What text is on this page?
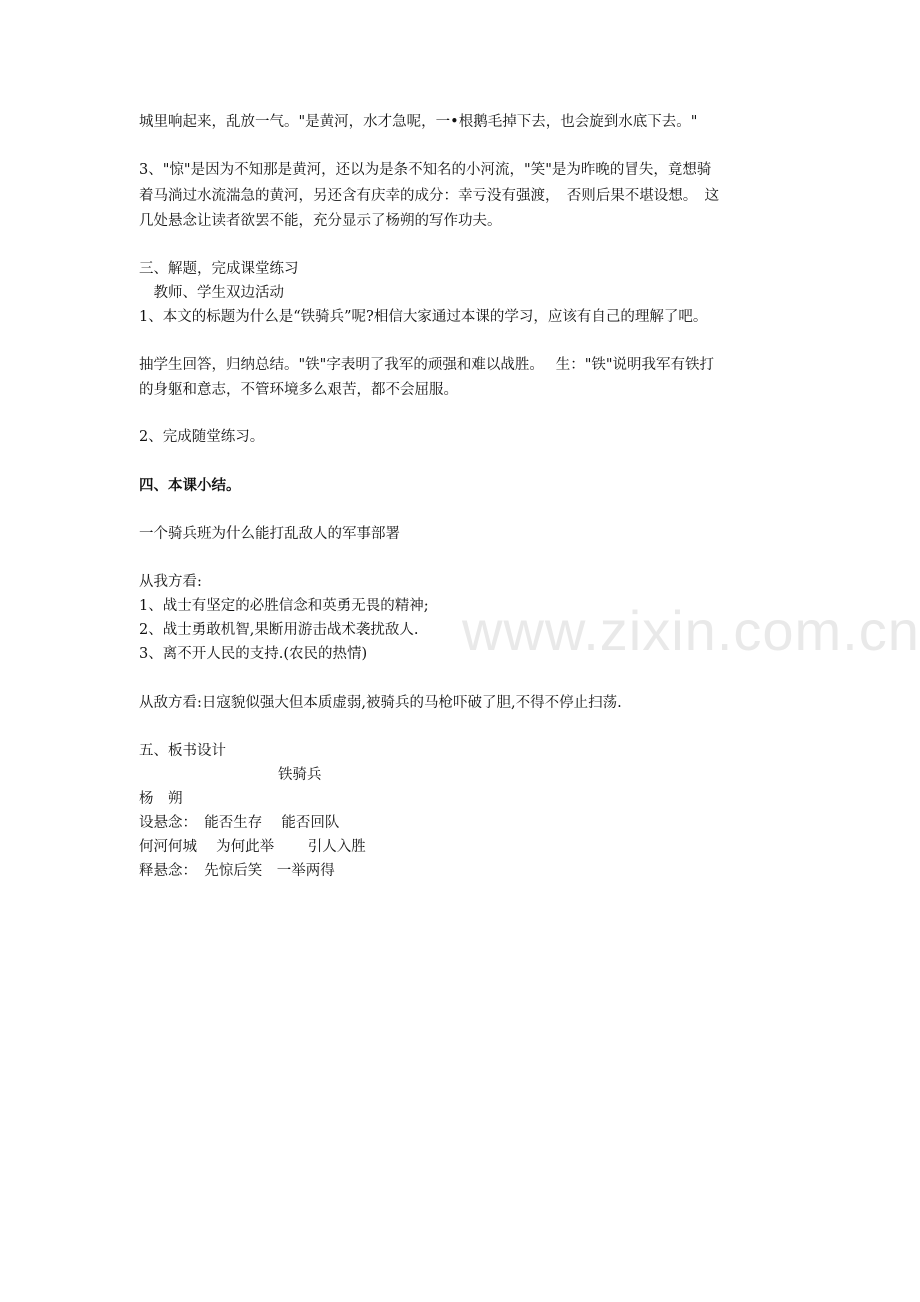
www.zixin.com.cn
城里响起来，乱放一气。"是黄河，水才急呢，一•根鹅毛掉下去，也会旋到水底下去。"
3、"惊"是因为不知那是黄河，还以为是条不知名的小河流，"笑"是为昨晚的冒失，竟想骑
着马淌过水流湍急的黄河，另还含有庆幸的成分：幸亏没有强渡，　否则后果不堪设想。　这
几处悬念让读者欲罢不能，充分显示了杨朔的写作功夫。
三、解题，完成课堂练习
　教师、学生双边活动
1、本文的标题为什么是“铁骑兵”呢?相信大家通过本课的学习，应该有自己的理解了吧。
抽学生回答，归纳总结。"铁"字表明了我军的顽强和难以战胜。　 生："铁"说明我军有铁打
的身躯和意志，不管环境多么艰苦，都不会屈服。
2、完成随堂练习。
四、本课小结。
一个骑兵班为什么能打乱敌人的军事部署
从我方看:
1、战士有坚定的必胜信念和英勇无畏的精神;
2、战士勇敢机智,果断用游击战术袭扰敌人.
3、离不开人民的支持.(农民的热情)
从敌方看:日寇貌似强大但本质虚弱,被骑兵的马枪吓破了胆,不得不停止扫荡.
五、板书设计
铁骑兵
杨　朔
设悬念：　能否生存　 能否回队
何河何城　 为何此举　　 引人入胜
释悬念：　先惊后笑　一举两得
